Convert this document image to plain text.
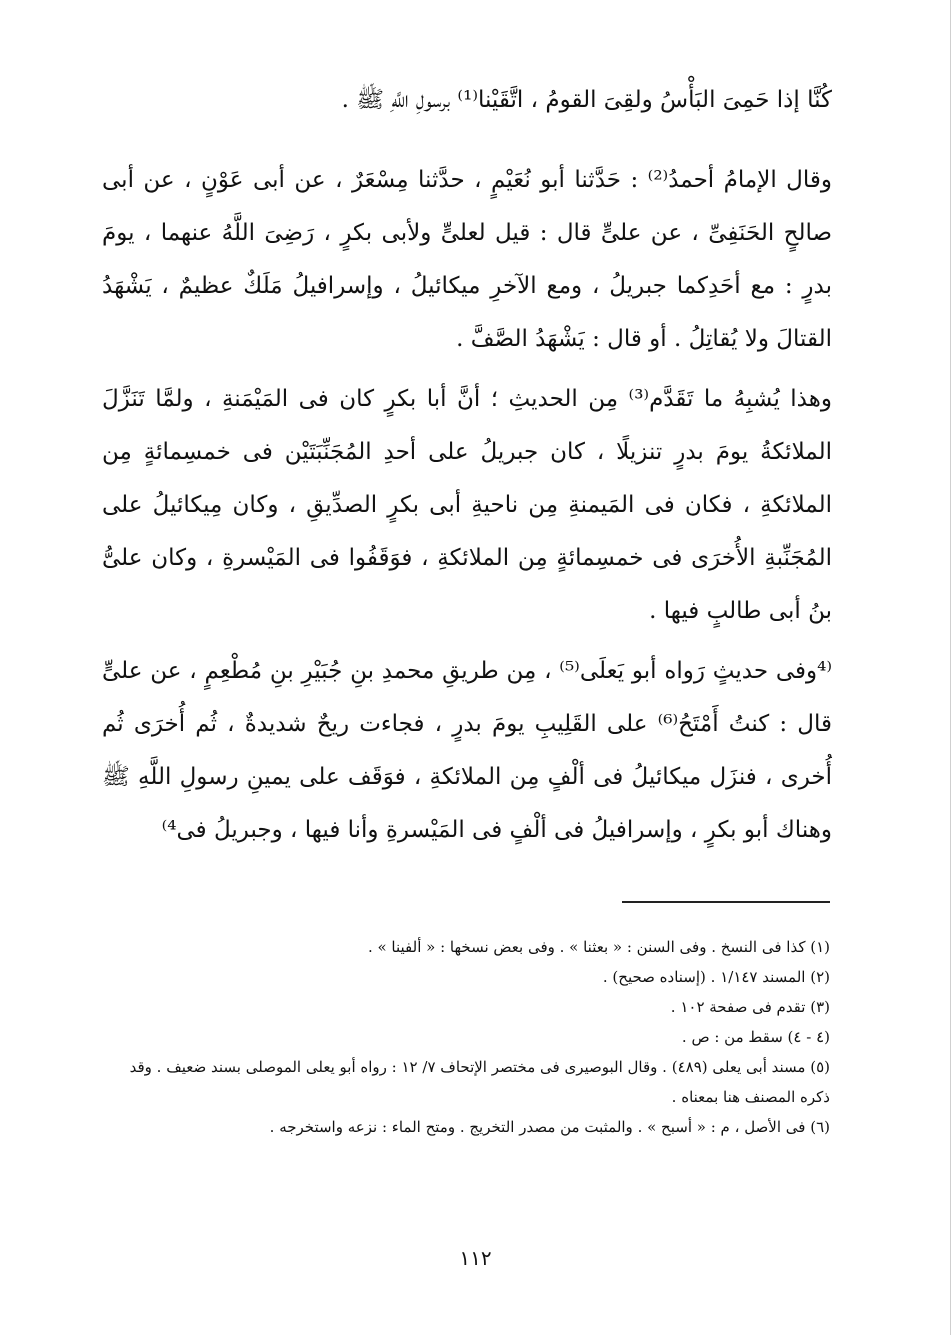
كُنَّا إذا حَمِىَ البَأْسُ ولقِىَ القومُ ، اتَّقَيْنا⁽¹⁾ برسولِ اللَّهِ ﷺ .

وقال الإمامُ أحمدُ⁽²⁾ : حَدَّثنا أبو نُعَيْمٍ ، حدَّثنا مِسْعَرٌ ، عن أبى عَوْنٍ ، عن أبى صالحٍ الحَنَفِىِّ ، عن علىٍّ قال : قيل لعلىٍّ ولأبى بكرٍ ، رَضِىَ اللَّهُ عنهما ، يومَ بدرٍ : مع أحَدِكما جبريلُ ، ومع الآخرِ ميكائيلُ ، وإسرافيلُ مَلَكٌ عظيمٌ ، يَشْهَدُ القتالَ ولا يُقاتِلُ . أو قال : يَشْهَدُ الصَّفَّ .

وهذا يُشبِهُ ما تَقَدَّم⁽³⁾ مِن الحديثِ ؛ أنَّ أبا بكرٍ كان فى المَيْمَنةِ ، ولمَّا تَنَزَّلَ الملائكةُ يومَ بدرٍ تنزيلًا ، كان جبريلُ على أحدِ المُجَنِّبَتَيْن فى خمسِمائةٍ مِن الملائكةِ ، فكان فى المَيمنةِ مِن ناحيةِ أبى بكرٍ الصدِّيقِ ، وكان مِيكائيلُ على المُجَنِّبةِ الأُخرَى فى خمسِمائةٍ مِن الملائكةِ ، فوَقَفُوا فى المَيْسرةِ ، وكان علىُّ بنُ أبى طالبٍ فيها .

⁽⁴وفى حديثٍ رَواه أبو يَعلَى⁽⁵⁾ ، مِن طريقِ محمدِ بنِ جُبَيْرِ بنِ مُطْعِمٍ ، عن علىٍّ قال : كنتُ أَمْتَحُ⁽⁶⁾ على القَلِيبِ يومَ بدرٍ ، فجاءت ريحٌ شديدةٌ ، ثُم أُخرَى ثُم أُخرى ، فنزَل ميكائيلُ فى ألْفٍ مِن الملائكةِ ، فوَقَف على يمينِ رسولِ اللَّهِ ﷺ وهناك أبو بكرٍ ، وإسرافيلُ فى ألْفٍ فى المَيْسرةِ وأنا فيها ، وجبريلُ فى⁴⁾

(١) كذا فى النسخ . وفى السنن : « بعثنا » . وفى بعض نسخها : « ألفينا » .

(٢) المسند ١/١٤٧ . (إسناده صحيح) .

(٣) تقدم فى صفحة ١٠٢ .

(٤ - ٤) سقط من : ص .

(٥) مسند أبى يعلى (٤٨٩) . وقال البوصيرى فى مختصر الإتحاف ٧/ ١٢ : رواه أبو يعلى الموصلى بسند ضعيف . وقد ذكره المصنف هنا بمعناه .

(٦) فى الأصل ، م : « أسبح » . والمثبت من مصدر التخريج . ومتح الماء : نزعه واستخرجه .

١١٢
